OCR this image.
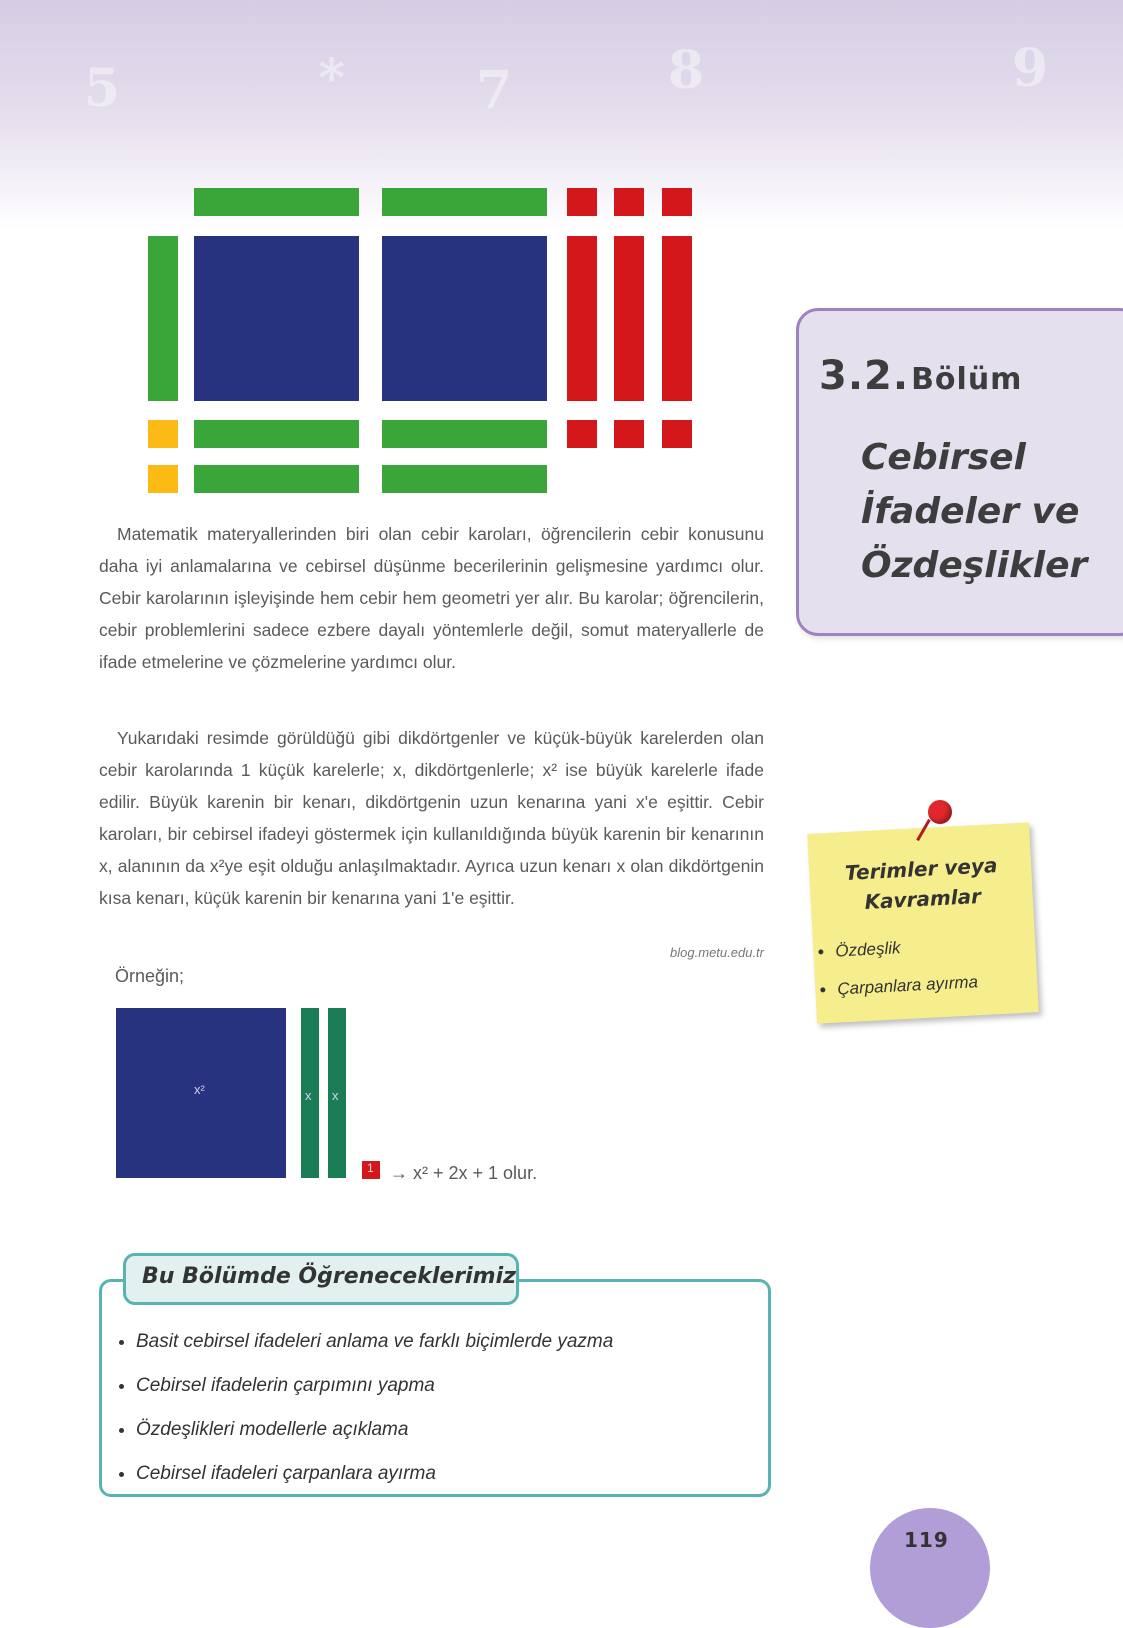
5	*	7	8	9

Matematik materyallerinden biri olan cebir karoları, öğrencilerin cebir konusunu daha iyi anlamalarına ve cebirsel düşünme becerilerinin gelişmesine yardımcı olur. Cebir karolarının işleyişinde hem cebir hem geometri yer alır. Bu karolar; öğrencilerin, cebir problemlerini sadece ezbere dayalı yöntemlerle değil, somut materyallerle de ifade etmelerine ve çözmelerine yardımcı olur.

Yukarıdaki resimde görüldüğü gibi dikdörtgenler ve küçük-büyük karelerden olan cebir karolarında 1 küçük karelerle; x, dikdörtgenlerle; x² ise büyük karelerle ifade edilir. Büyük karenin bir kenarı, dikdörtgenin uzun kenarına yani x'e eşittir. Cebir karoları, bir cebirsel ifadeyi göstermek için kullanıldığında büyük karenin bir kenarının x, alanının da x²ye eşit olduğu anlaşılmaktadır. Ayrıca uzun kenarı x olan dikdörtgenin kısa kenarı, küçük karenin bir kenarına yani 1'e eşittir.

blog.metu.edu.tr
Örneğin;
x²	x x
1 → x² + 2x + 1 olur.
3.2.Bölüm
Cebirsel İfadeler ve Özdeşlikler
Terimler veya Kavramlar
• Özdeşlik
• Çarpanlara ayırma
• Basit cebirsel ifadeleri anlama ve farklı biçimlerde yazma
• Cebirsel ifadelerin çarpımını yapma
• Özdeşlikleri modellerle açıklama
• Cebirsel ifadeleri çarpanlara ayırma
Bu Bölümde Öğreneceklerimiz
119
